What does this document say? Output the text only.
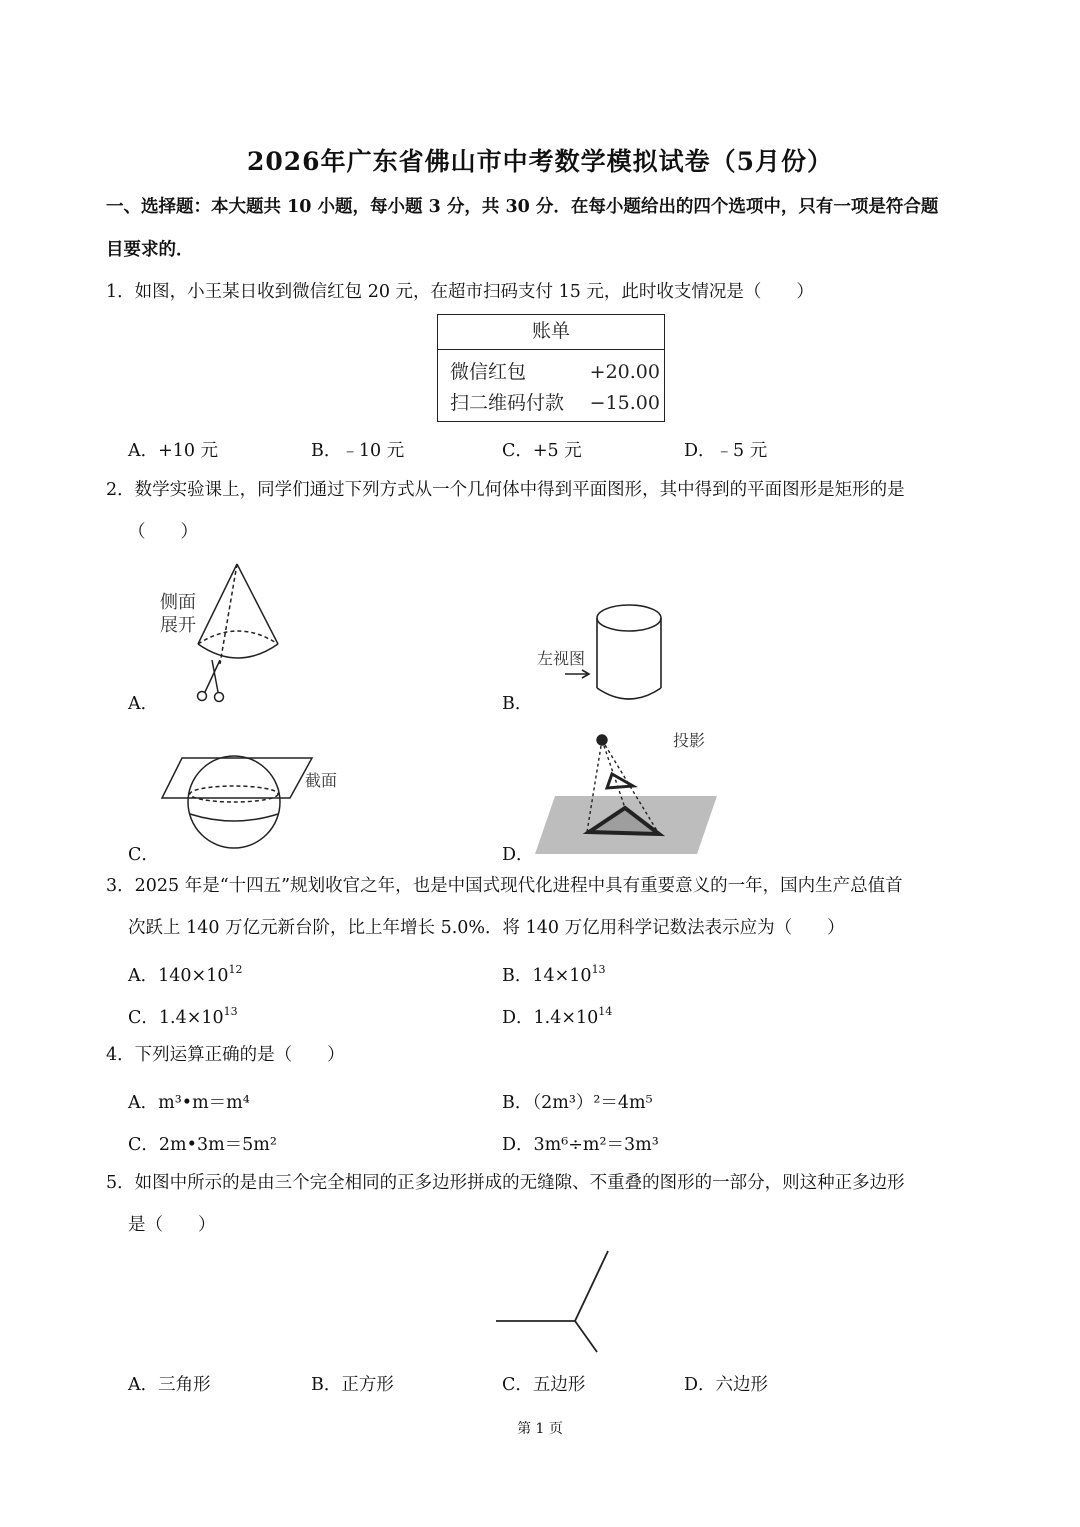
2026年广东省佛山市中考数学模拟试卷（5月份）
一、选择题：本大题共 10 小题，每小题 3 分，共 30 分．在每小题给出的四个选项中，只有一项是符合题
目要求的．
1．如图，小王某日收到微信红包 20 元，在超市扫码支付 15 元，此时收支情况是（　　）
账单
微信红包	+20.00
扫二维码付款 −15.00
A．+10 元	B．﹣10 元	C．+5 元	D．﹣5 元
2．数学实验课上，同学们通过下列方式从一个几何体中得到平面图形，其中得到的平面图形是矩形的是
（　　）
侧面
展开
A．
左视图
B．
截面
C．
投影
D．
3．2025 年是“十四五”规划收官之年，也是中国式现代化进程中具有重要意义的一年，国内生产总值首
次跃上 140 万亿元新台阶，比上年增长 5.0%．将 140 万亿用科学记数法表示应为（　　）
A．$140\times 10^{12}$	B．$14\times 10^{13}$
C．$1.4\times 10^{13}$	D．$1.4\times 10^{14}$
4．下列运算正确的是（　　）
A．m³•m＝m⁴	B．（2m³）²＝4m⁵
C．2m•3m＝5m²	D．3m⁶÷m²＝3m³
5．如图中所示的是由三个完全相同的正多边形拼成的无缝隙、不重叠的图形的一部分，则这种正多边形
是（　　）
A．三角形	B．正方形	C．五边形	D．六边形
第 1 页
